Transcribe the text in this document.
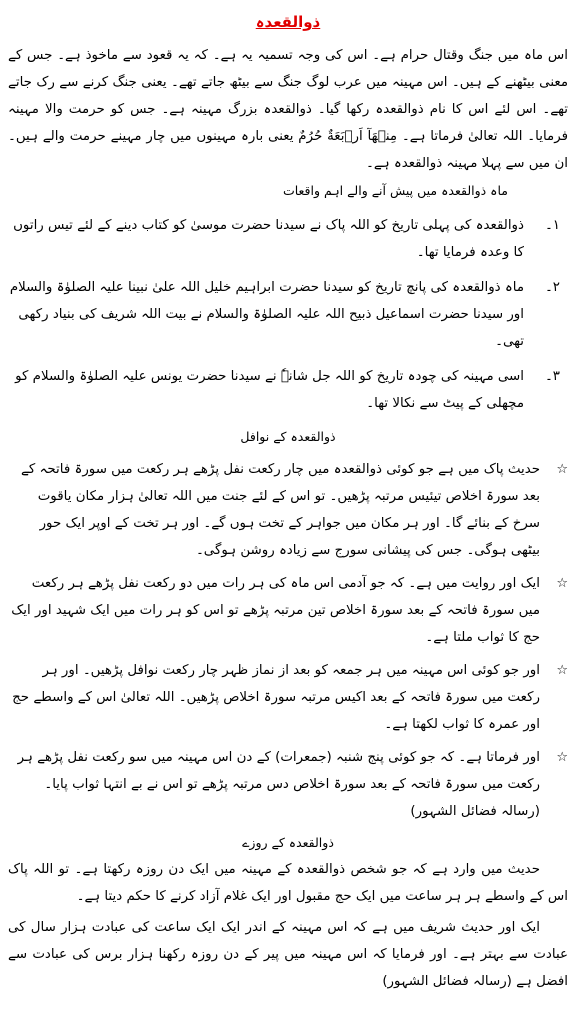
ذوالقعدہ

اس ماہ میں جنگ وقتال حرام ہے۔ اس کی وجہ تسمیہ یہ ہے۔ کہ یہ قعود سے ماخوذ ہے۔ جس کے معنی بیٹھنے کے ہیں۔ اس مہینہ میں عرب لوگ جنگ سے بیٹھ جاتے تھے۔ یعنی جنگ کرنے سے رک جاتے تھے۔ اس لئے اس کا نام ذوالقعدہ رکھا گیا۔ ذوالقعدہ بزرگ مہینہ ہے۔ جس کو حرمت والا مہینہ فرمایا۔ اللہ تعالیٰ فرماتا ہے۔ مِنۡهَآ اَرۡبَعَةٌ حُرُمٌ یعنی بارہ مہینوں میں چار مہینے حرمت والے ہیں۔ ان میں سے پہلا مہینہ ذوالقعدہ ہے۔

ماہ ذوالقعدہ میں پیش آنے والے اہم واقعات
۱۔
ذوالقعدہ کی پہلی تاریخ کو اللہ پاک نے سیدنا حضرت موسیٰ کو کتاب دینے کے لئے تیس راتوں کا وعدہ فرمایا تھا۔
۲۔
ماہ ذوالقعدہ کی پانچ تاریخ کو سیدنا حضرت ابراہیم خلیل اللہ علیٰ نبینا علیہ الصلوٰۃ والسلام اور سیدنا حضرت اسماعیل ذبیح اللہ علیہ الصلوٰۃ والسلام نے بیت اللہ شریف کی بنیاد رکھی تھی۔
۳۔
اسی مہینہ کی چودہ تاریخ کو اللہ جل شانہٗ نے سیدنا حضرت یونس علیہ الصلوٰۃ والسلام کو مچھلی کے پیٹ سے نکالا تھا۔
ذوالقعدہ کے نوافل
☆
حدیث پاک میں ہے جو کوئی ذوالقعدہ میں چار رکعت نفل پڑھے ہر رکعت میں سورۃ فاتحہ کے بعد سورۃ اخلاص تیئیس مرتبہ پڑھیں۔ تو اس کے لئے جنت میں اللہ تعالیٰ ہزار مکان یاقوت سرخ کے بنائے گا۔ اور ہر مکان میں جواہر کے تخت ہوں گے۔ اور ہر تخت کے اوپر ایک حور بیٹھی ہوگی۔ جس کی پیشانی سورج سے زیادہ روشن ہوگی۔
☆
ایک اور روایت میں ہے۔ کہ جو آدمی اس ماہ کی ہر رات میں دو رکعت نفل پڑھے ہر رکعت میں سورۃ فاتحہ کے بعد سورۃ اخلاص تین مرتبہ پڑھے تو اس کو ہر رات میں ایک شہید اور ایک حج کا ثواب ملتا ہے۔
☆
اور جو کوئی اس مہینہ میں ہر جمعہ کو بعد از نماز ظہر چار رکعت نوافل پڑھیں۔ اور ہر رکعت میں سورۃ فاتحہ کے بعد اکیس مرتبہ سورۃ اخلاص پڑھیں۔ اللہ تعالیٰ اس کے واسطے حج اور عمرہ کا ثواب لکھتا ہے۔
☆
اور فرماتا ہے۔ کہ جو کوئی پنج شنبہ (جمعرات) کے دن اس مہینہ میں سو رکعت نفل پڑھے ہر رکعت میں سورۃ فاتحہ کے بعد سورۃ اخلاص دس مرتبہ پڑھے تو اس نے بے انتہا ثواب پایا۔ (رسالہ فضائل الشہور)
ذوالقعدہ کے روزے

حدیث میں وارد ہے کہ جو شخص ذوالقعدہ کے مہینہ میں ایک دن روزہ رکھتا ہے۔ تو اللہ پاک اس کے واسطے ہر ہر ساعت میں ایک حج مقبول اور ایک غلام آزاد کرنے کا حکم دیتا ہے۔

ایک اور حدیث شریف میں ہے کہ اس مہینہ کے اندر ایک ایک ساعت کی عبادت ہزار سال کی عبادت سے بہتر ہے۔ اور فرمایا کہ اس مہینہ میں پیر کے دن روزہ رکھنا ہزار برس کی عبادت سے افضل ہے (رسالہ فضائل الشہور)
